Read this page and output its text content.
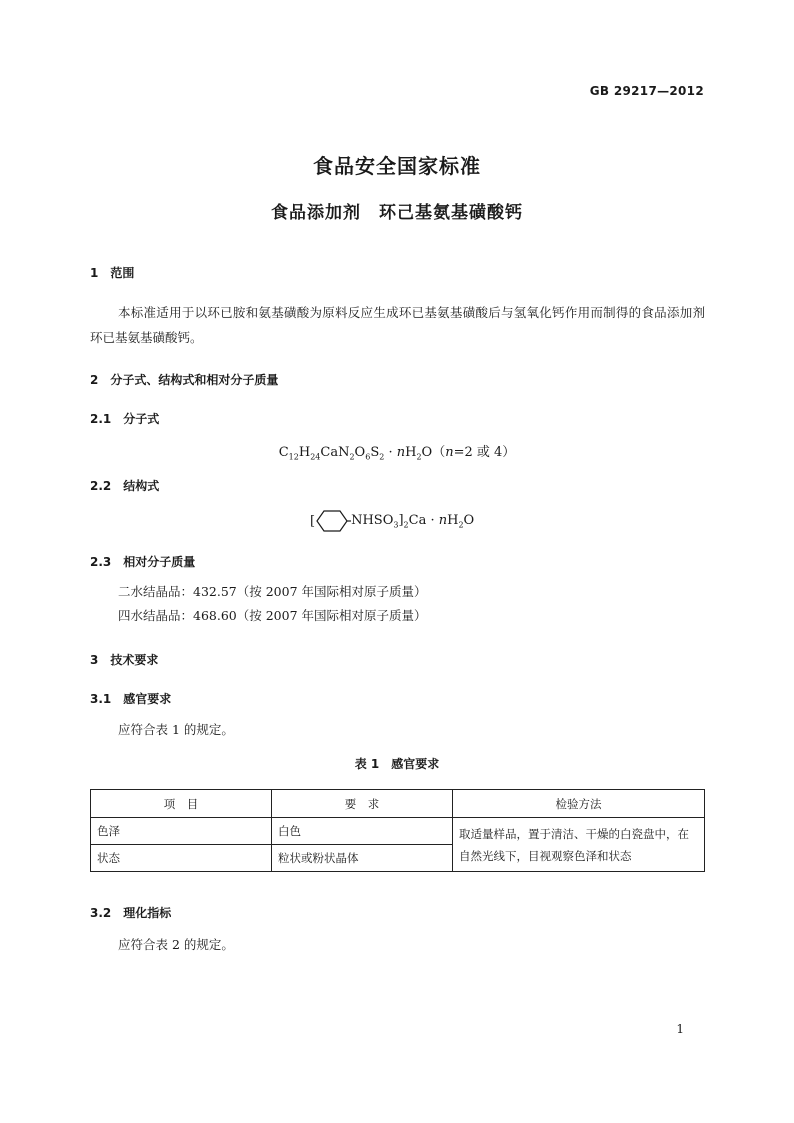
GB 29217—2012
食品安全国家标准
食品添加剂　环己基氨基磺酸钙
1　范围
本标准适用于以环已胺和氨基磺酸为原料反应生成环已基氨基磺酸后与氢氧化钙作用而制得的食品添加剂环已基氨基磺酸钙。
2　分子式、结构式和相对分子质量
2.1　分子式
$C_{12}H_{24}CaN_2O_6S_2 \cdot nH_2O(n=2$ 或 4）
2.2　结构式
[	$NHSO_3]_2Ca \cdot nH_2O$
2.3　相对分子质量
二水结晶品：432.57（按 2007 年国际相对原子质量）
四水结晶品：468.60（按 2007 年国际相对原子质量）
3　技术要求
3.1　感官要求
应符合表 1 的规定。
表 1　感官要求
项　目	要　求	检验方法
色泽	白色	取适量样品，置于清洁、干燥的白瓷盘中，在自然光线下，目视观察色泽和状态
状态	粒状或粉状晶体	
3.2　理化指标
应符合表 2 的规定。
1
